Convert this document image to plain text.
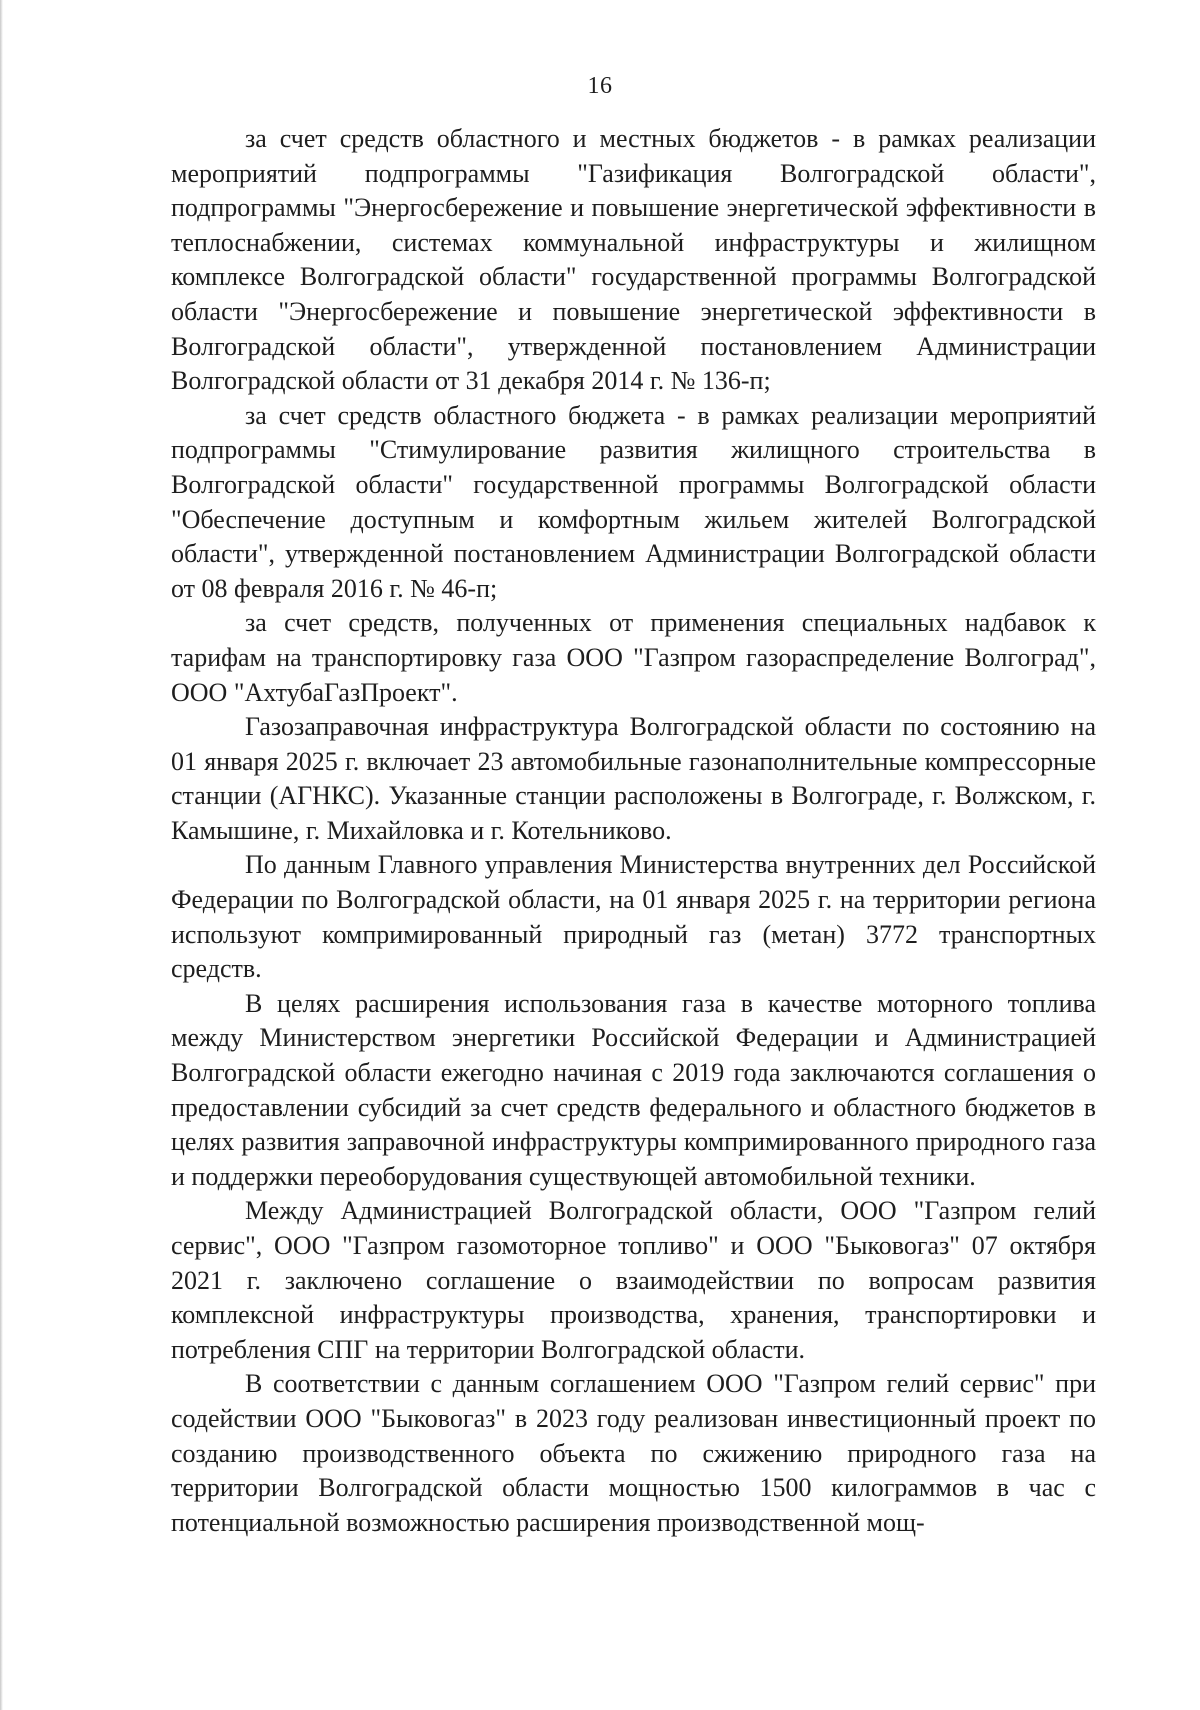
16

за счет средств областного и местных бюджетов - в рамках реализации мероприятий подпрограммы "Газификация Волгоградской области", подпрограммы "Энергосбережение и повышение энергетической эффективности в теплоснабжении, системах коммунальной инфраструктуры и жилищном комплексе Волгоградской области" государственной программы Волгоградской области "Энергосбережение и повышение энергетической эффективности в Волгоградской области", утвержденной постановлением Администрации Волгоградской области от 31 декабря 2014 г. № 136-п;

за счет средств областного бюджета - в рамках реализации мероприятий подпрограммы "Стимулирование развития жилищного строительства в Волгоградской области" государственной программы Волгоградской области "Обеспечение доступным и комфортным жильем жителей Волгоградской области", утвержденной постановлением Администрации Волгоградской области от 08 февраля 2016 г. № 46-п;

за счет средств, полученных от применения специальных надбавок к тарифам на транспортировку газа ООО "Газпром газораспределение Волгоград", ООО "АхтубаГазПроект".

Газозаправочная инфраструктура Волгоградской области по состоянию на 01 января 2025 г. включает 23 автомобильные газонаполнительные компрессорные станции (АГНКС). Указанные станции расположены в Волгограде, г. Волжском, г. Камышине, г. Михайловка и г. Котельниково.

По данным Главного управления Министерства внутренних дел Российской Федерации по Волгоградской области, на 01 января 2025 г. на территории региона используют компримированный природный газ (метан) 3772 транспортных средств.

В целях расширения использования газа в качестве моторного топлива между Министерством энергетики Российской Федерации и Администрацией Волгоградской области ежегодно начиная с 2019 года заключаются соглашения о предоставлении субсидий за счет средств федерального и областного бюджетов в целях развития заправочной инфраструктуры компримированного природного газа и поддержки переоборудования существующей автомобильной техники.

Между Администрацией Волгоградской области, ООО "Газпром гелий сервис", ООО "Газпром газомоторное топливо" и ООО "Быковогаз" 07 октября 2021 г. заключено соглашение о взаимодействии по вопросам развития комплексной инфраструктуры производства, хранения, транспортировки и потребления СПГ на территории Волгоградской области.

В соответствии с данным соглашением ООО "Газпром гелий сервис" при содействии ООО "Быковогаз" в 2023 году реализован инвестиционный проект по созданию производственного объекта по сжижению природного газа на территории Волгоградской области мощностью 1500 килограммов в час с потенциальной возможностью расширения производственной мощ-
